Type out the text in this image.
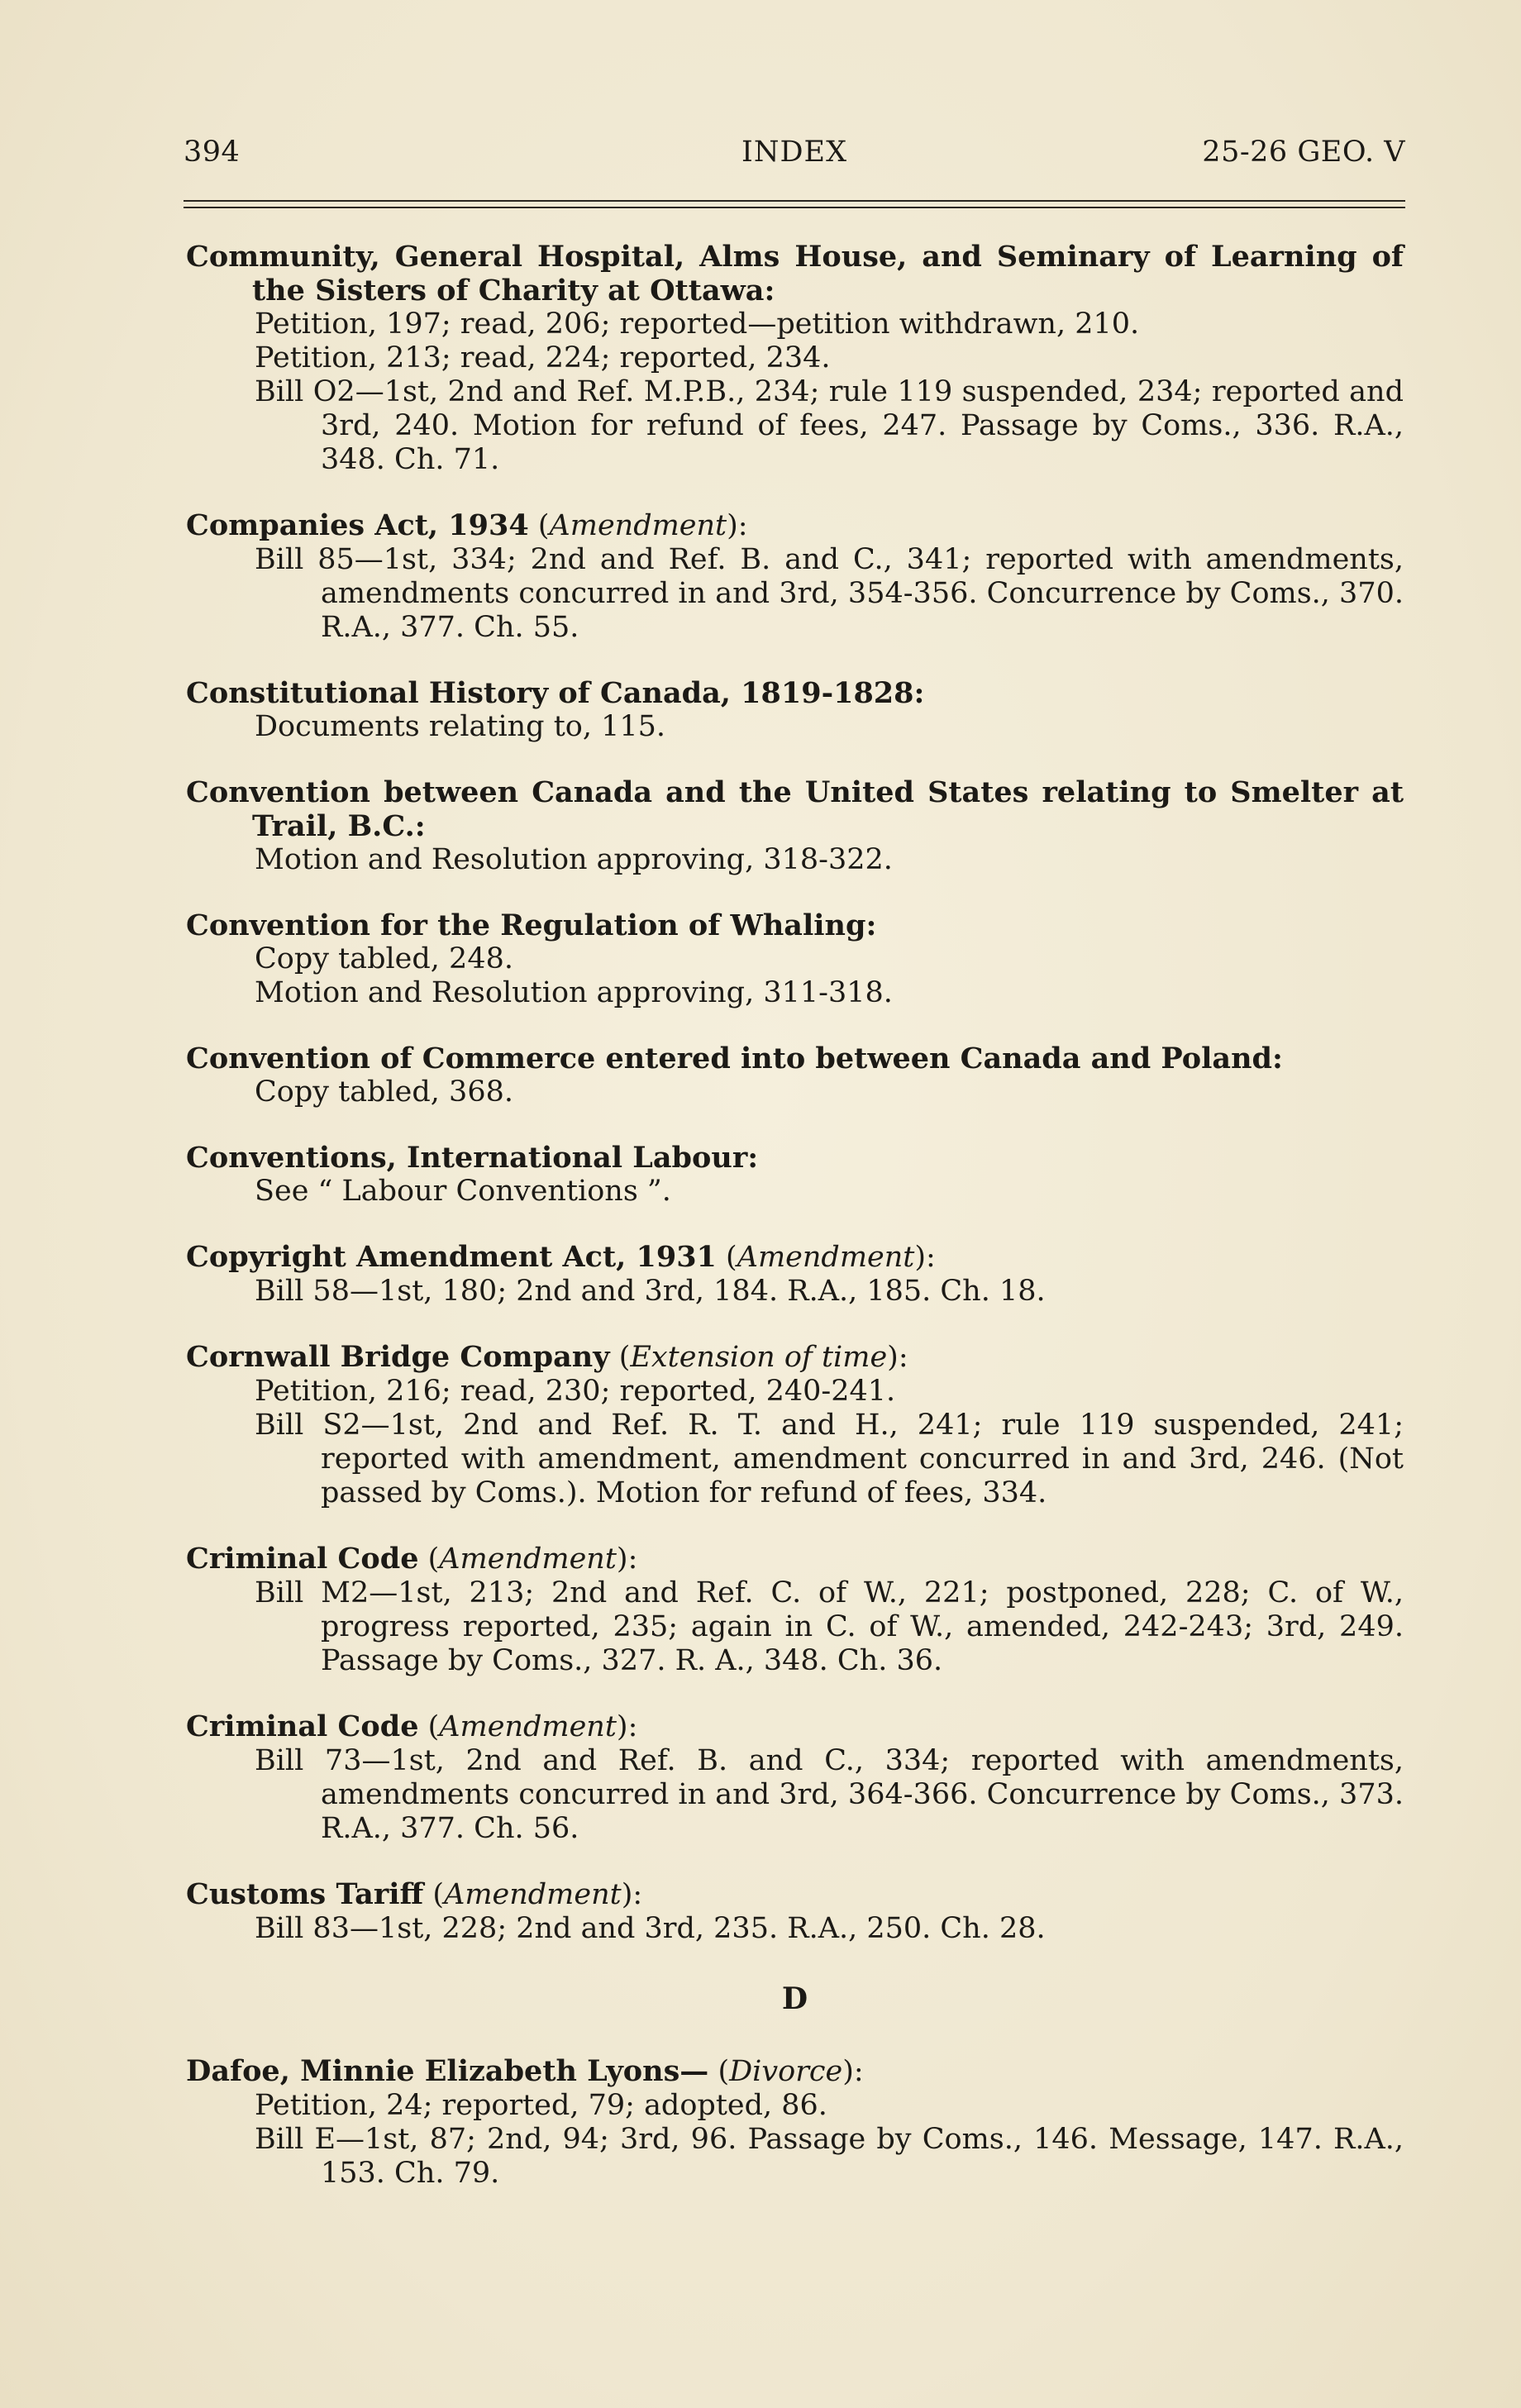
394	INDEX	25-26 GEO. V
Community, General Hospital, Alms House, and Seminary of Learning of the Sisters of Charity at Ottawa:
Petition, 197; read, 206; reported—petition withdrawn, 210.
Petition, 213; read, 224; reported, 234.
Bill O2—1st, 2nd and Ref. M.P.B., 234; rule 119 suspended, 234; reported and 3rd, 240. Motion for refund of fees, 247. Passage by Coms., 336. R.A., 348. Ch. 71.
Companies Act, 1934 (Amendment):
Bill 85—1st, 334; 2nd and Ref. B. and C., 341; reported with amendments, amendments concurred in and 3rd, 354-356. Concurrence by Coms., 370. R.A., 377. Ch. 55.
Constitutional History of Canada, 1819-1828:
Documents relating to, 115.
Convention between Canada and the United States relating to Smelter at Trail, B.C.:
Motion and Resolution approving, 318-322.
Convention for the Regulation of Whaling:
Copy tabled, 248.
Motion and Resolution approving, 311-318.
Convention of Commerce entered into between Canada and Poland:
Copy tabled, 368.
Conventions, International Labour:
See “ Labour Conventions ”.
Copyright Amendment Act, 1931 (Amendment):
Bill 58—1st, 180; 2nd and 3rd, 184. R.A., 185. Ch. 18.
Cornwall Bridge Company (Extension of time):
Petition, 216; read, 230; reported, 240-241.
Bill S2—1st, 2nd and Ref. R. T. and H., 241; rule 119 suspended, 241; reported with amendment, amendment concurred in and 3rd, 246. (Not passed by Coms.). Motion for refund of fees, 334.
Criminal Code (Amendment):
Bill M2—1st, 213; 2nd and Ref. C. of W., 221; postponed, 228; C. of W., progress reported, 235; again in C. of W., amended, 242-243; 3rd, 249. Passage by Coms., 327. R. A., 348. Ch. 36.
Criminal Code (Amendment):
Bill 73—1st, 2nd and Ref. B. and C., 334; reported with amendments, amendments concurred in and 3rd, 364-366. Concurrence by Coms., 373. R.A., 377. Ch. 56.
Customs Tariff (Amendment):
Bill 83—1st, 228; 2nd and 3rd, 235. R.A., 250. Ch. 28.
D
Dafoe, Minnie Elizabeth Lyons— (Divorce):
Petition, 24; reported, 79; adopted, 86.
Bill E—1st, 87; 2nd, 94; 3rd, 96. Passage by Coms., 146. Message, 147. R.A., 153. Ch. 79.
